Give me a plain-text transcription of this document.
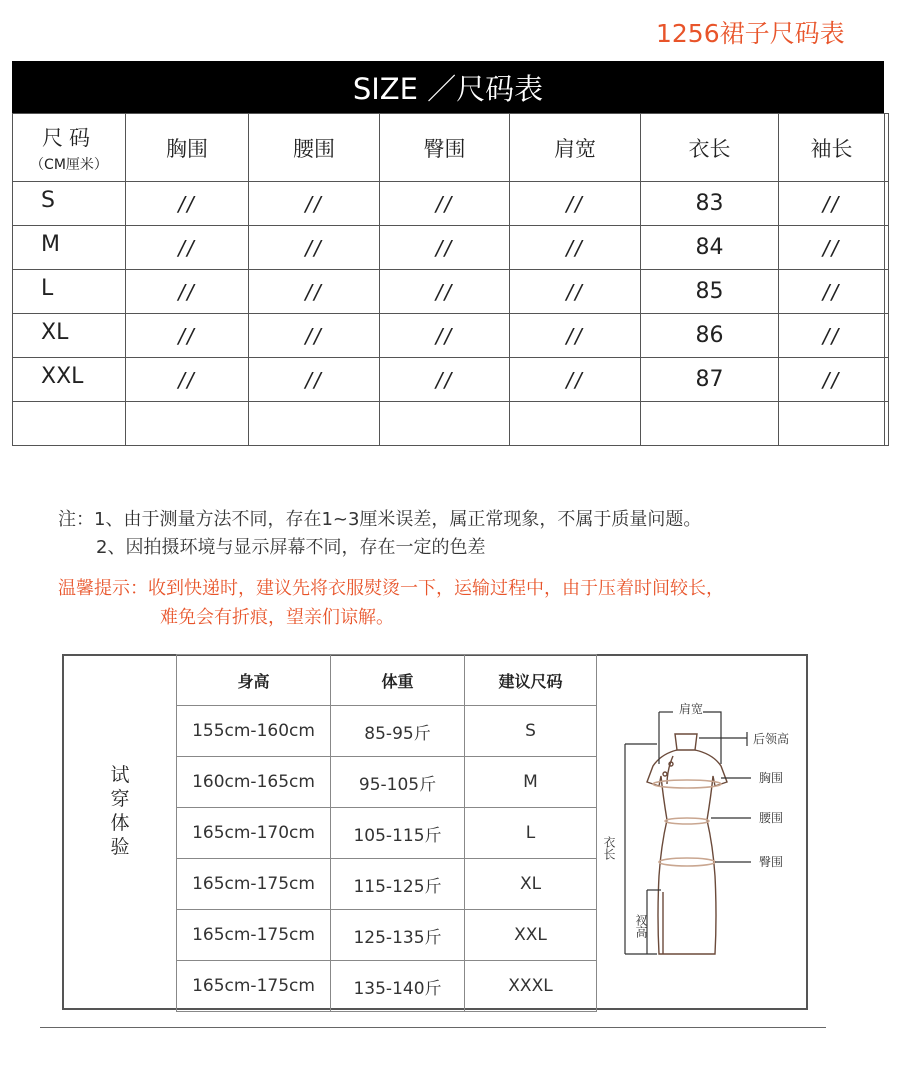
1256裙子尺码表
SIZE ／尺码表
尺码
（CM厘米）	胸围	腰围	臀围	肩宽	衣长	袖长	
S	//	//	//	//	83	//	
M	//	//	//	//	84	//	
L	//	//	//	//	85	//	
XL	//	//	//	//	86	//	
XXL	//	//	//	//	87	//	

注：1、由于测量方法不同，存在1~3厘米误差，属正常现象，不属于质量问题。
2、因拍摄环境与显示屏幕不同，存在一定的色差
温馨提示：收到快递时，建议先将衣服熨烫一下，运输过程中，由于压着时间较长，
难免会有折痕，望亲们谅解。
试穿体验
身高	体重	建议尺码
155cm-160cm	85-95斤	S
160cm-165cm	95-105斤	M
165cm-170cm	105-115斤	L
165cm-175cm	115-125斤	XL
165cm-175cm	125-135斤	XXL
165cm-175cm	135-140斤	XXXL
肩宽
后领高
胸围
腰围
臀围
衣长
衩高
